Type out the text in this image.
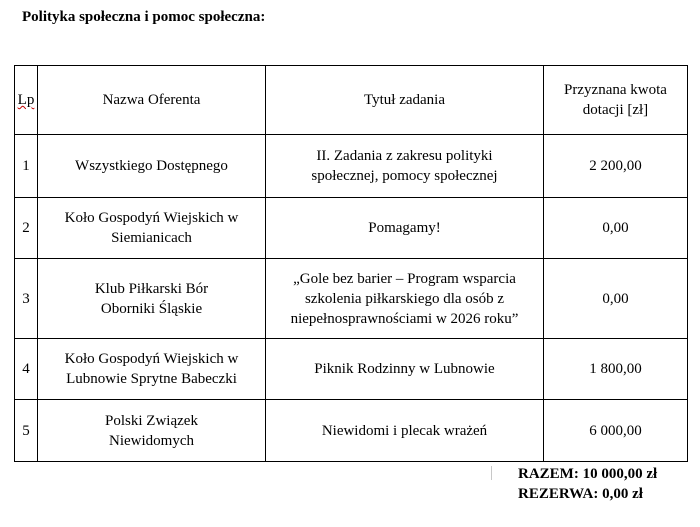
Polityka społeczna i pomoc społeczna:
Lp	Nazwa Oferenta	Tytuł zadania	Przyznana kwota dotacji [zł]
1	Wszystkiego Dostępnego	II. Zadania z zakresu polityki społecznej, pomocy społecznej	2 200,00
2	Koło Gospodyń Wiejskich w Siemianicach	Pomagamy!	0,00
3	Klub Piłkarski Bór Oborniki Śląskie	„Gole bez barier – Program wsparcia szkolenia piłkarskiego dla osób z niepełnosprawnościami w 2026 roku”	0,00
4	Koło Gospodyń Wiejskich w Lubnowie Sprytne Babeczki	Piknik Rodzinny w Lubnowie	1 800,00
5	Polski Związek Niewidomych	Niewidomi i plecak wrażeń	6 000,00
RAZEM: 10 000,00 zł
REZERWA: 0,00 zł
